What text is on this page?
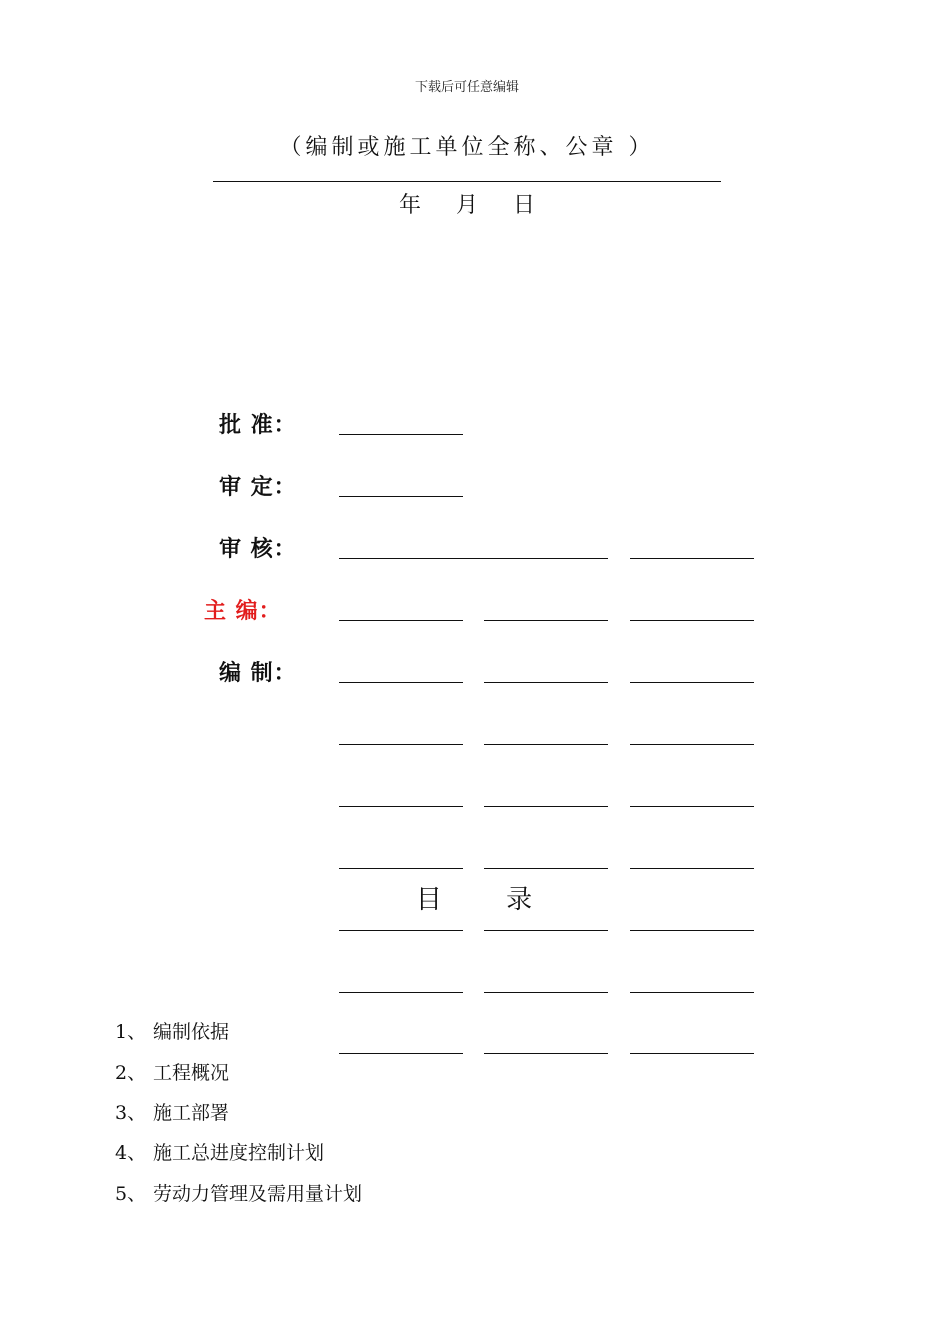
下载后可任意编辑
（编制或施工单位全称、公章 ）
年 月 日
批 准：
审 定：
审 核：
主 编：
编 制：
目 录
1、 编制依据
2、 工程概况
3、 施工部署
4、 施工总进度控制计划
5、 劳动力管理及需用量计划
